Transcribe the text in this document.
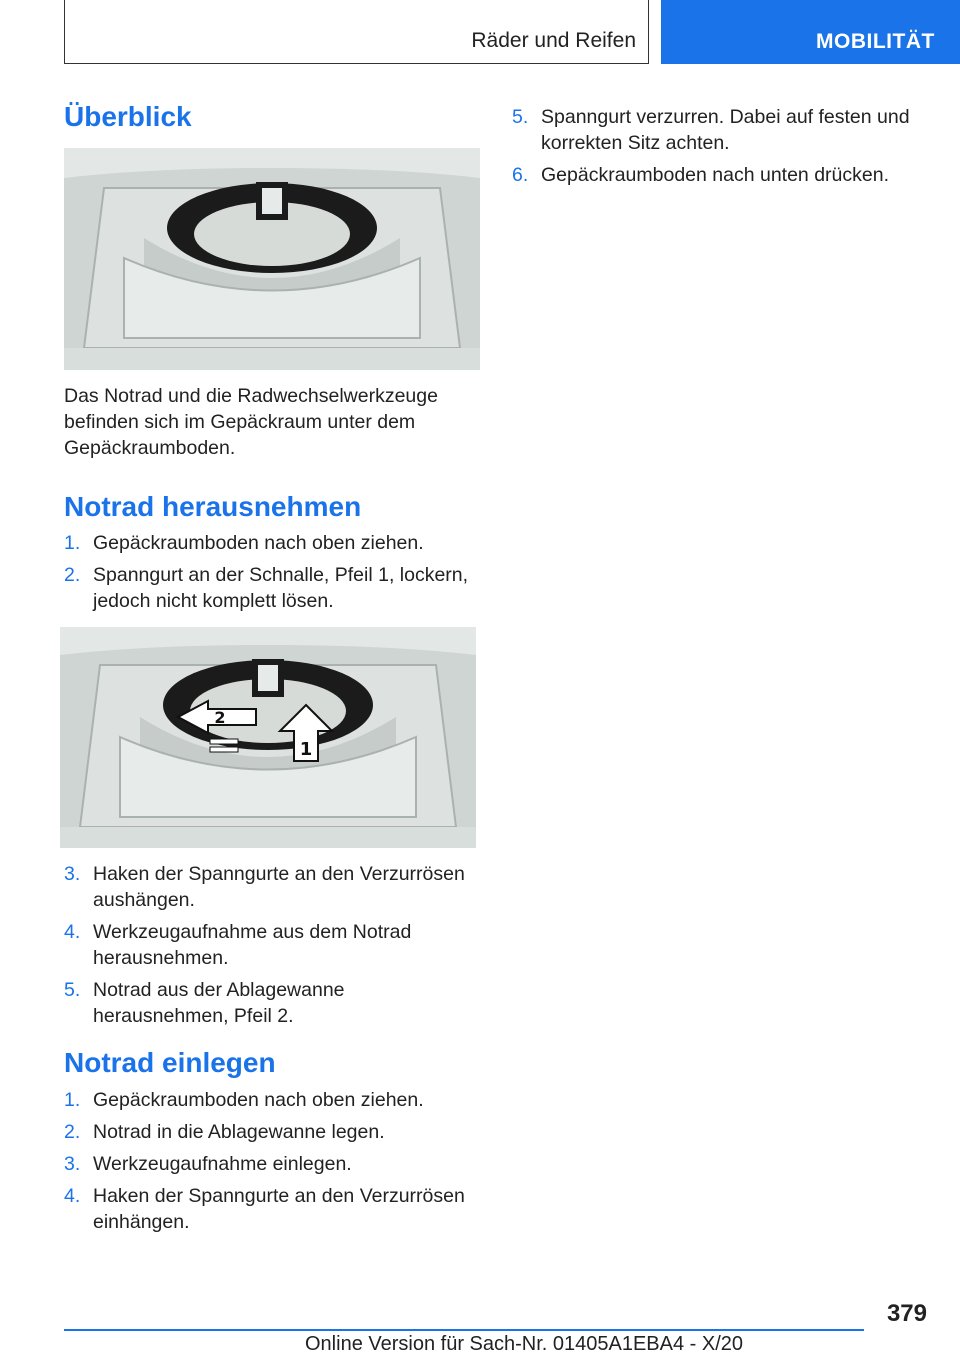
Räder und Reifen	MOBILITÄT
Überblick

Das Notrad und die Radwechselwerkzeuge befinden sich im Gepäckraum unter dem Gepäckraumboden.

Notrad herausnehmen
1. Gepäckraumboden nach oben ziehen.
2. Spanngurt an der Schnalle, Pfeil 1, lockern, jedoch nicht komplett lösen.
1
2
3. Haken der Spanngurte an den Verzurrösen aushängen.
4. Werkzeugaufnahme aus dem Notrad herausnehmen.
5. Notrad aus der Ablagewanne herausnehmen, Pfeil 2.
Notrad einlegen
1. Gepäckraumboden nach oben ziehen.
2. Notrad in die Ablagewanne legen.
3. Werkzeugaufnahme einlegen.
4. Haken der Spanngurte an den Verzurrösen einhängen.
5. Spanngurt verzurren. Dabei auf festen und korrekten Sitz achten.
6. Gepäckraumboden nach unten drücken.
379
Online Version für Sach-Nr. 01405A1EBA4 - X/20
